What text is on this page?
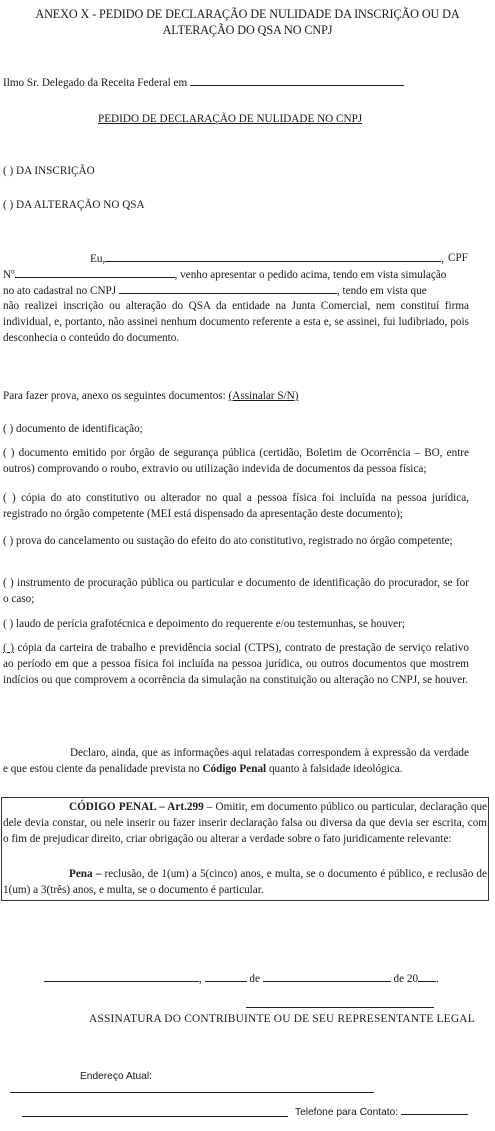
ANEXO X - PEDIDO DE DECLARAÇÃO DE NULIDADE DA INSCRIÇÃO OU DA
ALTERAÇÃO DO QSA NO CNPJ
Ilmo Sr. Delegado da Receita Federal em
PEDIDO DE DECLARAÇÃO DE NULIDADE NO CNPJ
( ) DA INSCRIÇÃO
( ) DA ALTERAÇÃO NO QSA
Eu,	, CPF
Nº	, venho apresentar o pedido acima, tendo em vista simulação
no ato cadastral no CNPJ	, tendo em vista que
não realizei inscrição ou alteração do QSA da entidade na Junta Comercial, nem constituí firma individual, e, portanto, não assinei nenhum documento referente a esta e, se assinei, fui ludibriado, pois desconhecia o conteúdo do documento.
Para fazer prova, anexo os seguintes documentos: (Assinalar S/N)
( ) documento de identificação;
( ) documento emitido por órgão de segurança pública (certidão, Boletim de Ocorrência – BO, entre outros) comprovando o roubo, extravio ou utilização indevida de documentos da pessoa física;
( ) cópia do ato constitutivo ou alterador no qual a pessoa física foi incluída na pessoa jurídica, registrado no órgão competente (MEI está dispensado da apresentação deste documento);
( ) prova do cancelamento ou sustação do efeito do ato constitutivo, registrado no órgão competente;
( ) instrumento de procuração pública ou particular e documento de identificação do procurador, se for o caso;
( ) laudo de perícia grafotécnica e depoimento do requerente e/ou testemunhas, se houver;
( ) cópia da carteira de trabalho e previdência social (CTPS), contrato de prestação de serviço relativo ao período em que a pessoa física foi incluída na pessoa jurídica, ou outros documentos que mostrem indícios ou que comprovem a ocorrência da simulação na constituição ou alteração no CNPJ, se houver.
Declaro, ainda, que as informações aqui relatadas correspondem à expressão da verdade e que estou ciente da penalidade prevista no Código Penal quanto à falsidade ideológica.
CÓDIGO PENAL – Art.299 – Omitir, em documento público ou particular, declaração que dele devia constar, ou nele inserir ou fazer inserir declaração falsa ou diversa da que devia ser escrita, com o fim de prejudicar direito, criar obrigação ou alterar a verdade sobre o fato juridicamente relevante:
Pena – reclusão, de 1(um) a 5(cinco) anos, e multa, se o documento é público, e reclusão de 1(um) a 3(três) anos, e multa, se o documento é particular.
,	de	de 20 .
ASSINATURA DO CONTRIBUINTE OU DE SEU REPRESENTANTE LEGAL
Endereço Atual:
Telefone para Contato:
